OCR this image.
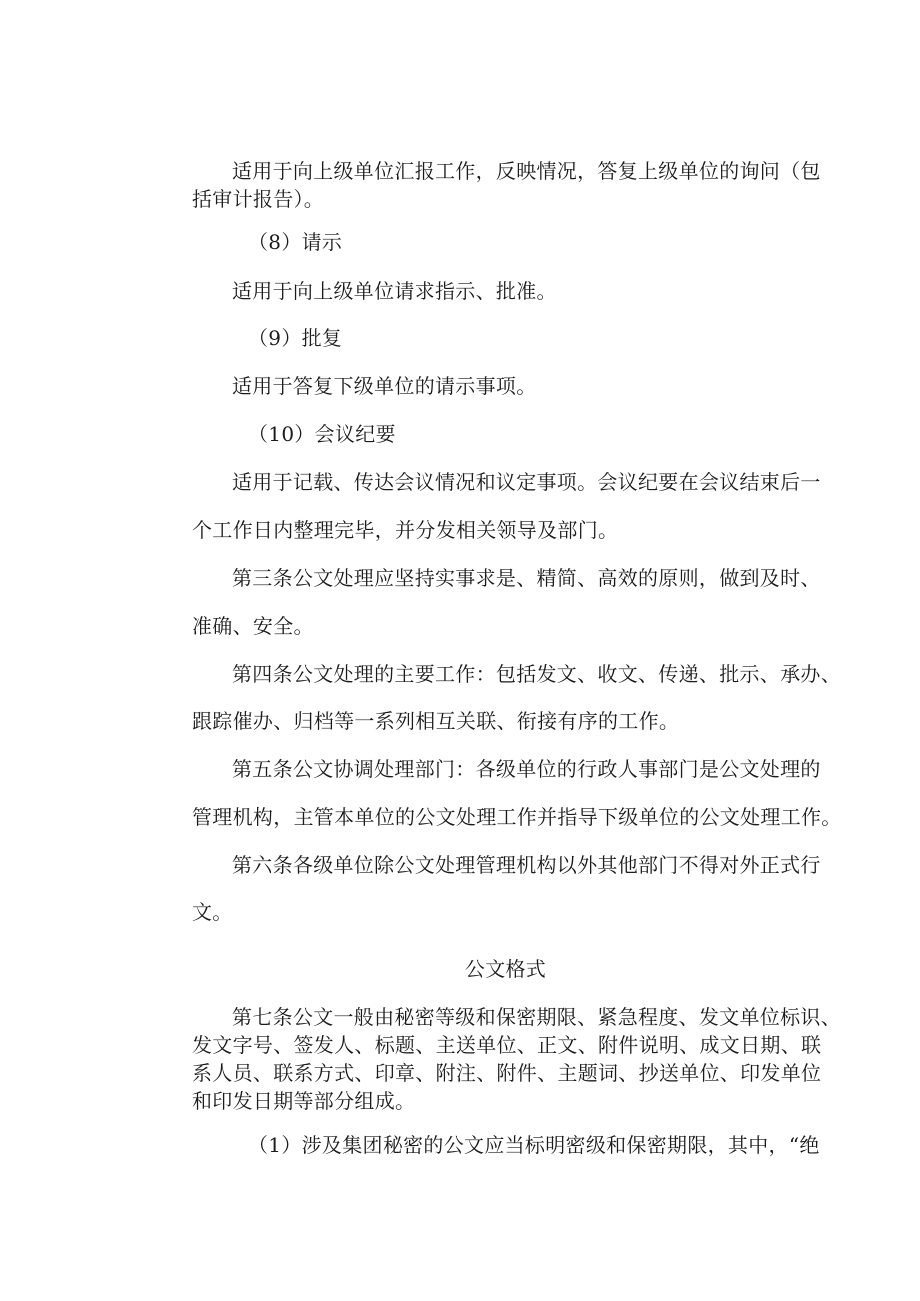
适用于向上级单位汇报工作，反映情况，答复上级单位的询问（包
括审计报告）。
（8）请示
适用于向上级单位请求指示、批准。
（9）批复
适用于答复下级单位的请示事项。
（10）会议纪要
适用于记载、传达会议情况和议定事项。会议纪要在会议结束后一
个工作日内整理完毕，并分发相关领导及部门。
第三条公文处理应坚持实事求是、精简、高效的原则，做到及时、
准确、安全。
第四条公文处理的主要工作：包括发文、收文、传递、批示、承办、
跟踪催办、归档等一系列相互关联、衔接有序的工作。
第五条公文协调处理部门：各级单位的行政人事部门是公文处理的
管理机构，主管本单位的公文处理工作并指导下级单位的公文处理工作。
第六条各级单位除公文处理管理机构以外其他部门不得对外正式行
文。
公文格式
第七条公文一般由秘密等级和保密期限、紧急程度、发文单位标识、
发文字号、签发人、标题、主送单位、正文、附件说明、成文日期、联
系人员、联系方式、印章、附注、附件、主题词、抄送单位、印发单位
和印发日期等部分组成。
（1）涉及集团秘密的公文应当标明密级和保密期限，其中，“绝
